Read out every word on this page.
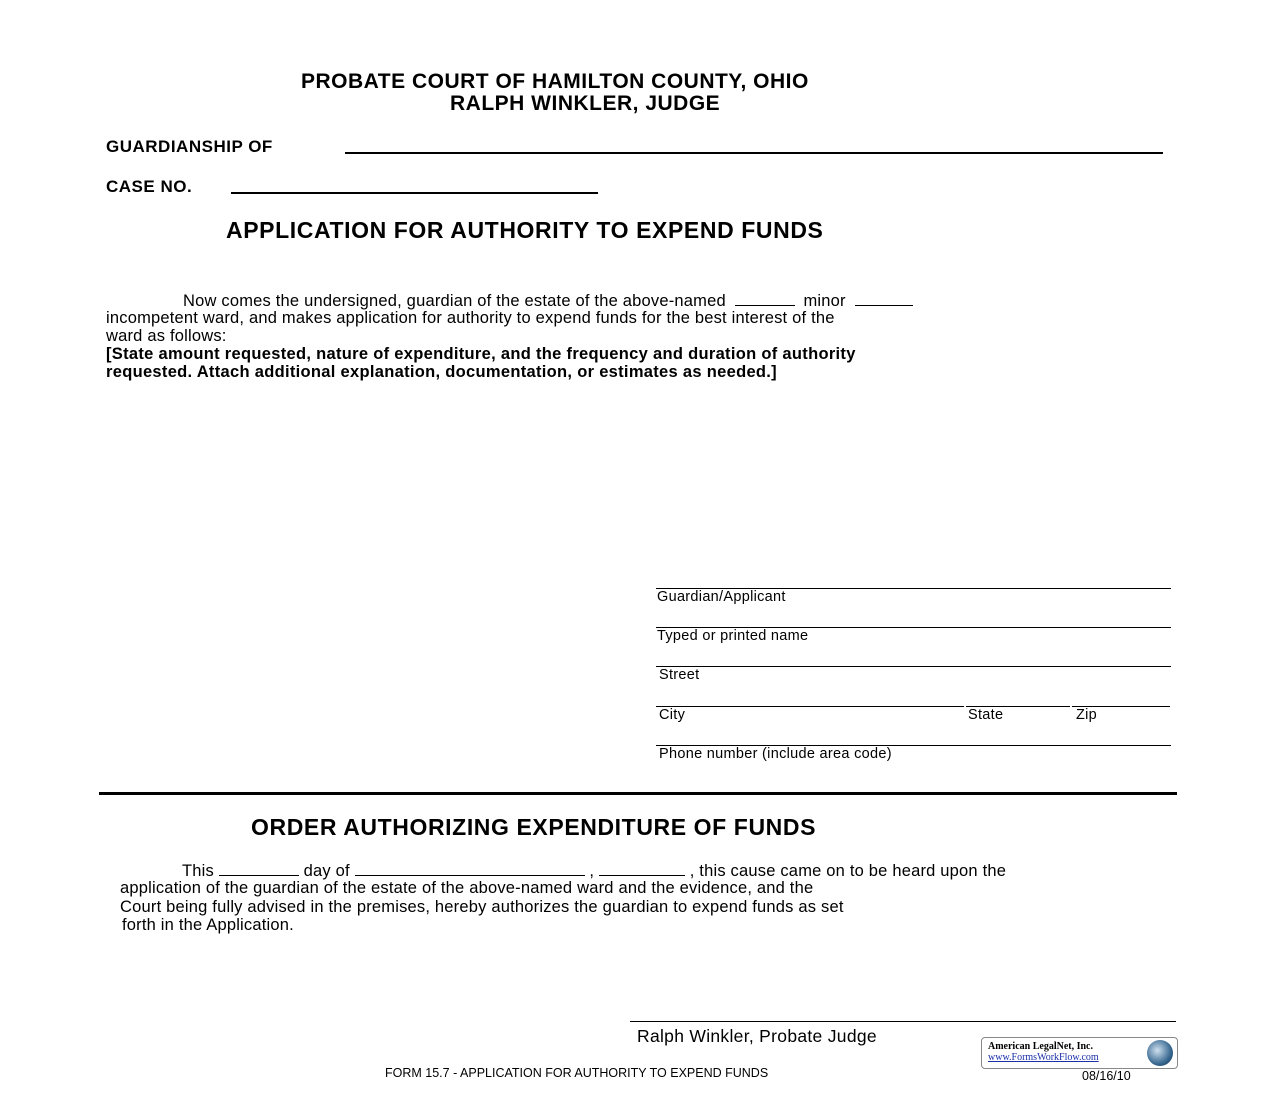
PROBATE COURT OF HAMILTON COUNTY, OHIO
RALPH WINKLER, JUDGE
GUARDIANSHIP OF
CASE NO.
APPLICATION FOR AUTHORITY TO EXPEND FUNDS
Now comes the undersigned, guardian of the estate of the above-named	minor
incompetent ward, and makes application for authority to expend funds for the best interest of the
ward as follows:
[State amount requested, nature of expenditure, and the frequency and duration of authority
requested. Attach additional explanation, documentation, or estimates as needed.]
Guardian/Applicant
Typed or printed name
Street
City	State	Zip
Phone number (include area code)
ORDER AUTHORIZING EXPENDITURE OF FUNDS
This	day of	,	, this cause came on to be heard upon the
application of the guardian of the estate of the above-named ward and the evidence, and the
Court being fully advised in the premises, hereby authorizes the guardian to expend funds as set
forth in the Application.
Ralph Winkler, Probate Judge
American LegalNet, Inc.
www.FormsWorkFlow.com
FORM 15.7 - APPLICATION FOR AUTHORITY TO EXPEND FUNDS	08/16/10
